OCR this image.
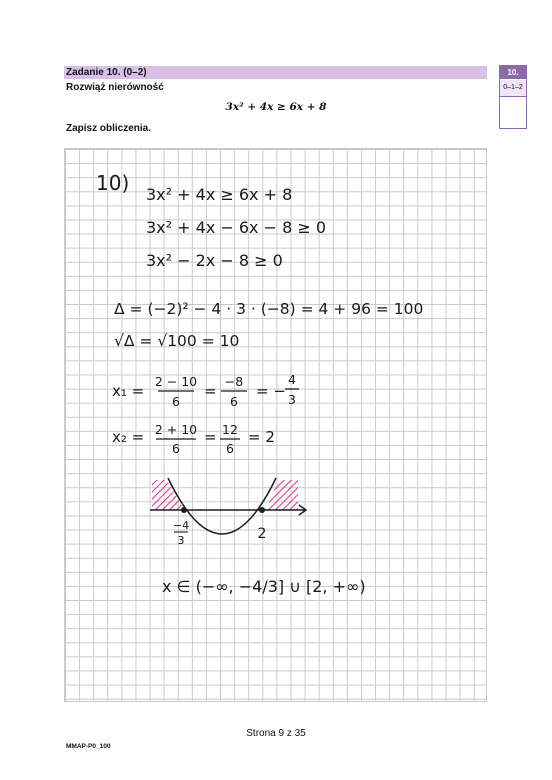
Zadanie 10. (0–2)
Rozwiąż nierówność
3x² + 4x ≥ 6x + 8
Zapisz obliczenia.
10.
0–1–2
10) 3x² + 4x ≥ 6x + 8
3x² + 4x − 6x − 8 ≥ 0
3x² − 2x − 8 ≥ 0
Δ = (−2)² − 4 · 3 · (−8) = 4 + 96 = 100
√Δ = √100 = 10
x₁ =
2 − 10
6
=
−8
6
= −
4
3
x₂ = 2 + 10
6
= 12
6
= 2
−4
3	2
x ∈ (−∞, −4/3] ∪ [2, +∞)
Strona 9 z 35
MMAP-P0_100
